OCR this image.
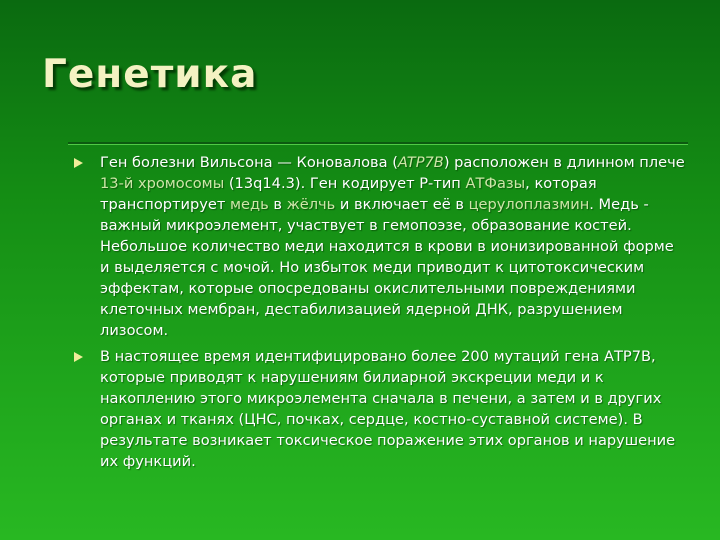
Генетика
Ген болезни Вильсона — Коновалова (ATP7B) расположен в длинном плече 13-й хромосомы (13q14.3). Ген кодирует Р-тип АТФазы, которая транспортирует медь в жёлчь и включает её в церулоплазмин. Медь - важный микроэлемент, участвует в гемопоэзе, образование костей. Небольшое количество меди находится в крови в ионизированной форме и выделяется с мочой. Но избыток меди приводит к цитотоксическим эффектам, которые опосредованы окислительными повреждениями клеточных мембран, дестабилизацией ядерной ДНК, разрушением лизосом.
В настоящее время идентифицировано более 200 мутаций гена АТР7В, которые приводят к нарушениям билиарной экскреции меди и к накоплению этого микроэлемента сначала в печени, а затем и в других органах и тканях (ЦНС, почках, сердце, костно-суставной системе). В результате возникает токсическое поражение этих органов и нарушение их функций.
